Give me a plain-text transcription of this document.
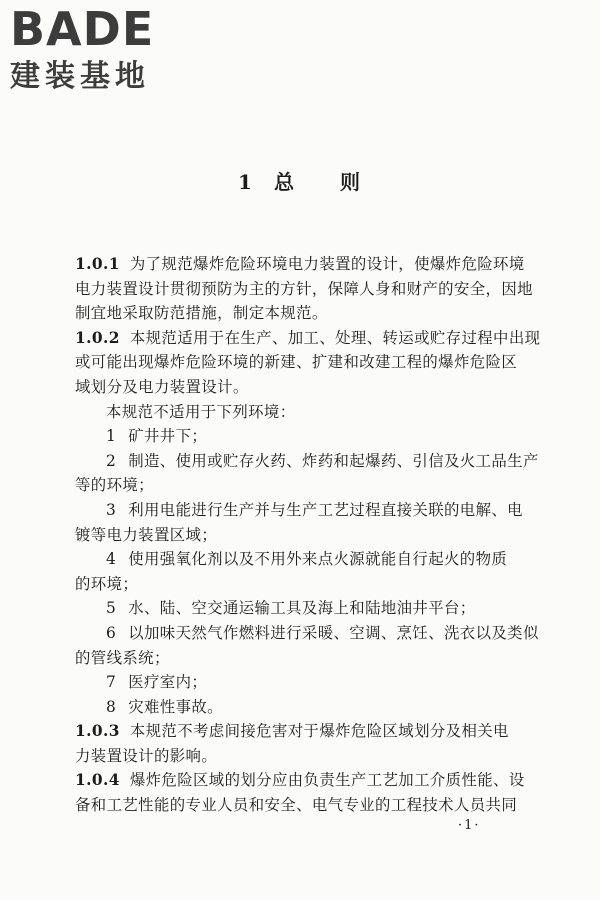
BADE
建装基地
1 总 则
1.0.1 为了规范爆炸危险环境电力装置的设计，使爆炸危险环境
电力装置设计贯彻预防为主的方针，保障人身和财产的安全，因地
制宜地采取防范措施，制定本规范。
1.0.2 本规范适用于在生产、加工、处理、转运或贮存过程中出现
或可能出现爆炸危险环境的新建、扩建和改建工程的爆炸危险区
域划分及电力装置设计。
本规范不适用于下列环境：
1 矿井井下；
2 制造、使用或贮存火药、炸药和起爆药、引信及火工品生产
等的环境；
3 利用电能进行生产并与生产工艺过程直接关联的电解、电
镀等电力装置区域；
4 使用强氧化剂以及不用外来点火源就能自行起火的物质
的环境；
5 水、陆、空交通运输工具及海上和陆地油井平台；
6 以加味天然气作燃料进行采暖、空调、烹饪、洗衣以及类似
的管线系统；
7 医疗室内；
8 灾难性事故。
1.0.3 本规范不考虑间接危害对于爆炸危险区域划分及相关电
力装置设计的影响。
1.0.4 爆炸危险区域的划分应由负责生产工艺加工介质性能、设
备和工艺性能的专业人员和安全、电气专业的工程技术人员共同
·1·
